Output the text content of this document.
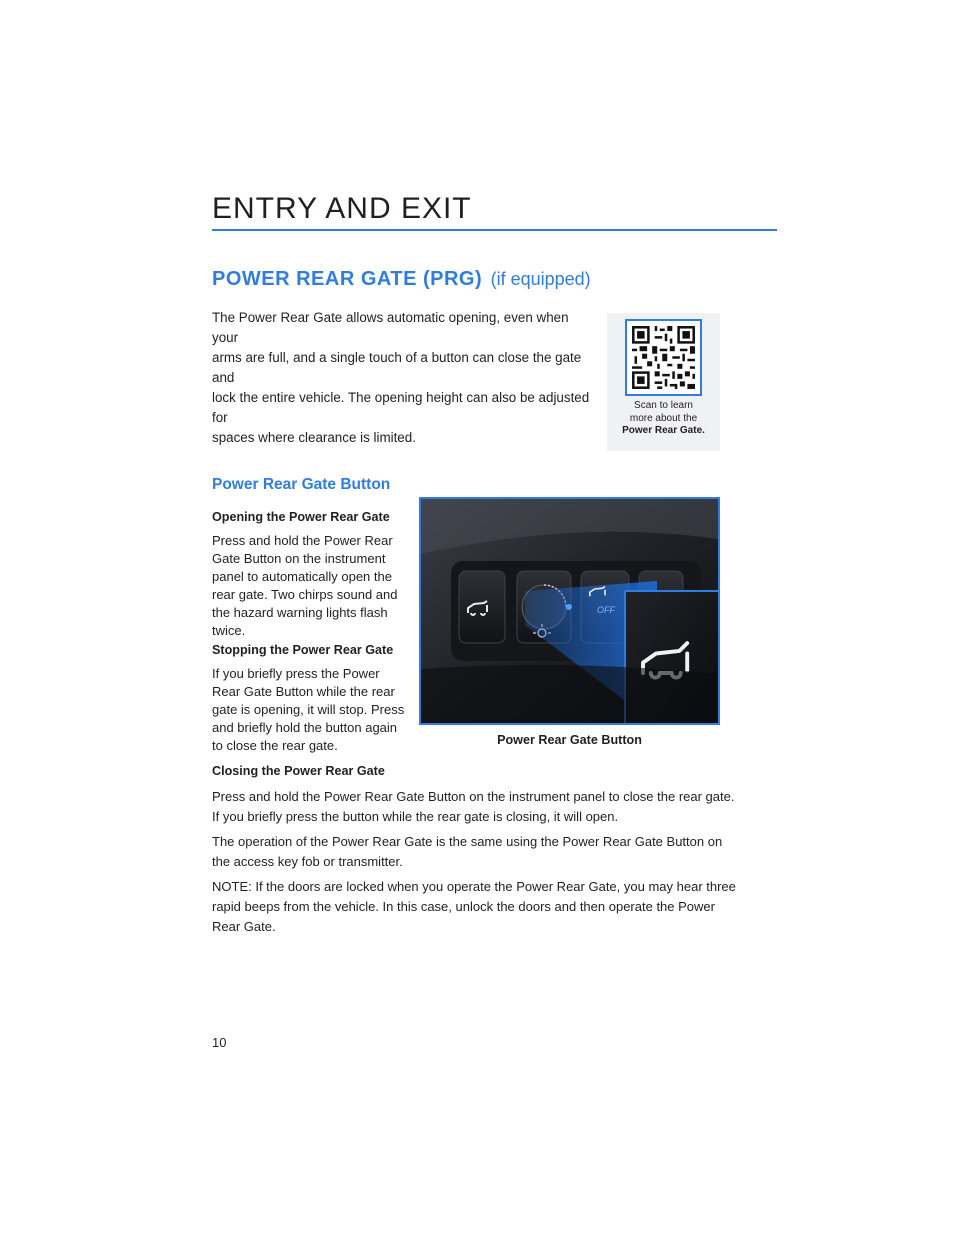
ENTRY AND EXIT
POWER REAR GATE (PRG) (if equipped)
The Power Rear Gate allows automatic opening, even when your
arms are full, and a single touch of a button can close the gate and
lock the entire vehicle. The opening height can also be adjusted for
spaces where clearance is limited.
Scan to learn
more about the
Power Rear Gate.
Power Rear Gate Button
Opening the Power Rear Gate
Press and hold the Power Rear
Gate Button on the instrument
panel to automatically open the
rear gate. Two chirps sound and
the hazard warning lights flash
twice.
Stopping the Power Rear Gate
If you briefly press the Power
Rear Gate Button while the rear
gate is opening, it will stop. Press
and briefly hold the button again
to close the rear gate.
Closing the Power Rear Gate
Press and hold the Power Rear Gate Button on the instrument panel to close the rear gate.
If you briefly press the button while the rear gate is closing, it will open.
The operation of the Power Rear Gate is the same using the Power Rear Gate Button on
the access key fob or transmitter.
NOTE: If the doors are locked when you operate the Power Rear Gate, you may hear three
rapid beeps from the vehicle. In this case, unlock the doors and then operate the Power
Rear Gate.
OFF
Power Rear Gate Button
10
